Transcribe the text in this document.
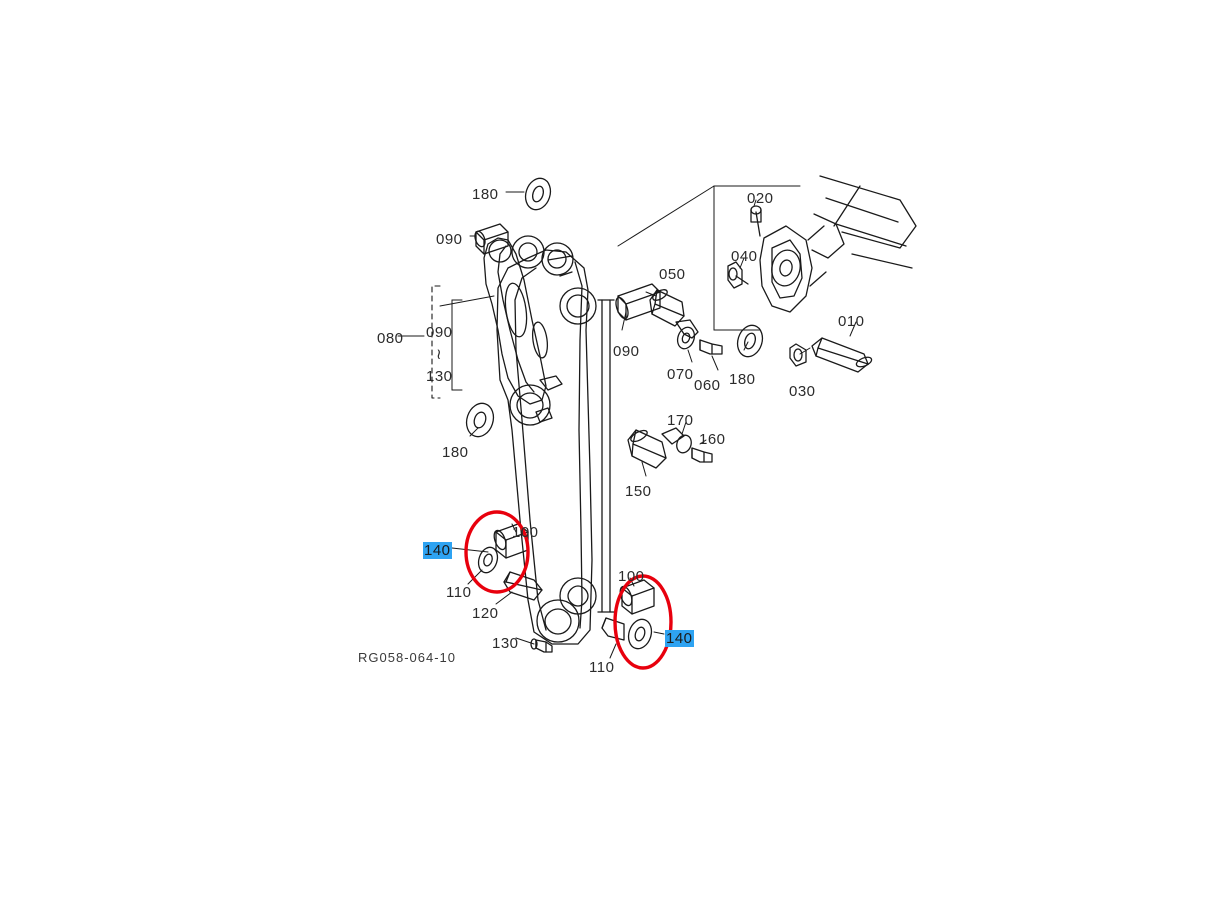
180
090
020
040
050
080 090
≀
130
090
010
070
060 180
030
180
170
160
150
100
140
110
120
100
140
130
110
RG058-064-10
